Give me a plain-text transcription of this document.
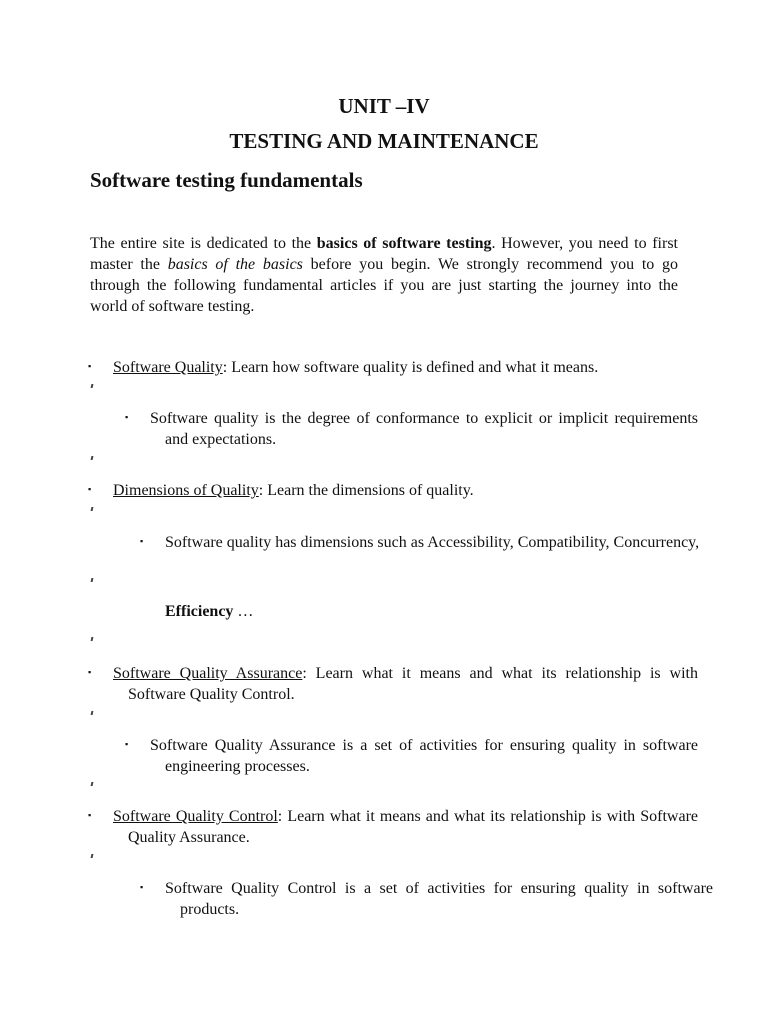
UNIT –IV
TESTING AND MAINTENANCE
Software testing fundamentals

The entire site is dedicated to the basics of software testing. However, you need to first master the basics of the basics before you begin. We strongly recommend you to go through the following fundamental articles if you are just starting the journey into the world of software testing.

▪ Software Quality: Learn how software quality is defined and what it means.

▪ Software quality is the degree of conformance to explicit or implicit requirements and expectations.

▪ Dimensions of Quality: Learn the dimensions of quality.

▪ Software quality has dimensions such as Accessibility, Compatibility, Concurrency,

Efficiency …

▪ Software Quality Assurance: Learn what it means and what its relationship is with Software Quality Control.

▪ Software Quality Assurance is a set of activities for ensuring quality in software engineering processes.

▪ Software Quality Control: Learn what it means and what its relationship is with Software Quality Assurance.

▪ Software Quality Control is a set of activities for ensuring quality in software products.
